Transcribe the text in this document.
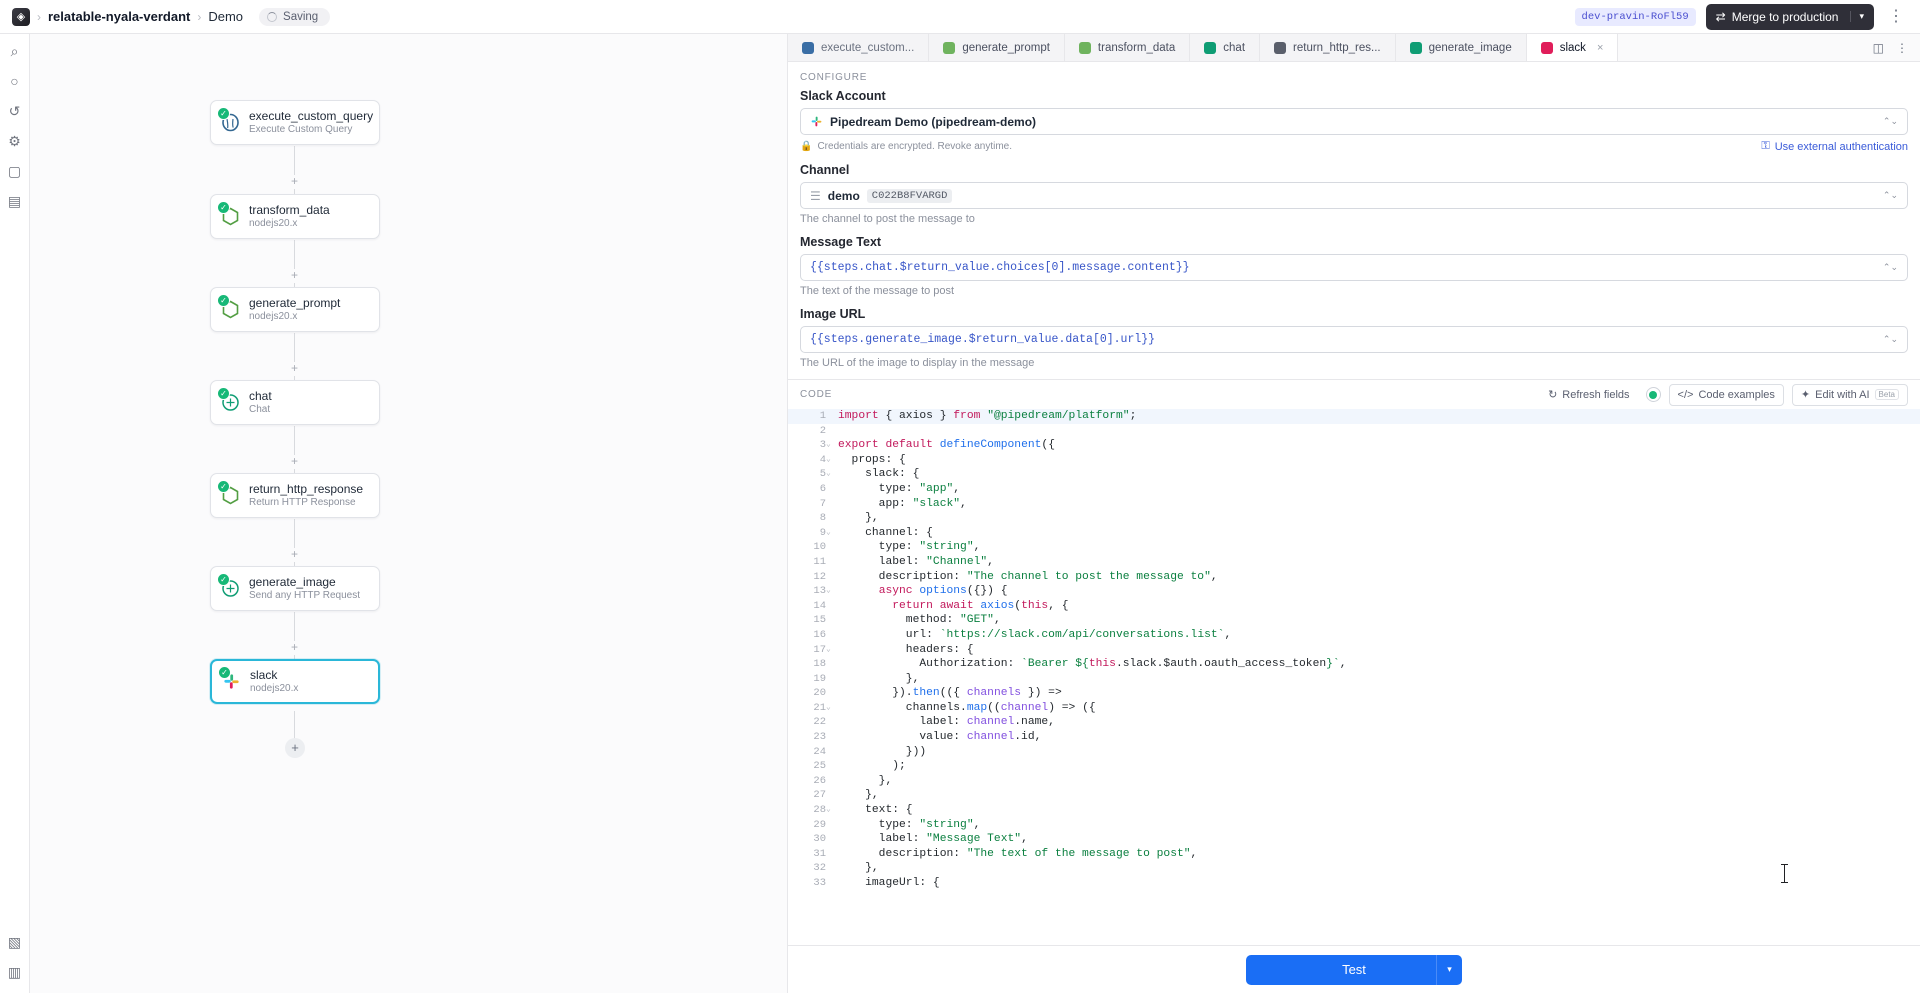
◈ › relatable-nyala-verdant › Demo	Saving	dev-pravin-RoFl59	⇄ Merge to production	▾ ⋮
⌕
○
↺
⚙
▢
▤
▧
▥
+
+
+
+
+
+
+
✓ execute_custom_query
Execute Custom Query
✓ transform_data
nodejs20.x
✓ generate_prompt
nodejs20.x
✓ chat
Chat
✓ return_http_response
Return HTTP Response
✓ generate_image
Send any HTTP Request
✓ slack
nodejs20.x
execute_custom...	generate_prompt	transform_data	chat	return_http_res...	generate_image	slack ×	◫ ⋮
CONFIGURE
Slack Account
Pipedream Demo (pipedream-demo)	⌃⌄
🔒 Credentials are encrypted. Revoke anytime.	⚿ Use external authentication
Channel
☰ demo	C022B8FVARGD	⌃⌄
The channel to post the message to
Message Text
{{steps.chat.$return_value.choices[0].message.content}}	⌃⌄
The text of the message to post
Image URL
{{steps.generate_image.$return_value.data[0].url}}	⌃⌄
The URL of the image to display in the message
CODE	↻ Refresh fields	</> Code examples ✦ Edit with AI	Beta
1		import { axios } from "@pipedream/platform";
2		
3	⌄	export default defineComponent({
4	⌄	props: {
5	⌄	slack: {
6		type: "app",
7		app: "slack",
8		},
9	⌄	channel: {
10		type: "string",
11		label: "Channel",
12		description: "The channel to post the message to",
13	⌄	async options({}) {
14		return await axios(this, {
15		method: "GET",
16		url: `https://slack.com/api/conversations.list`,
17	⌄	headers: {
18		Authorization: `Bearer ${this.slack.$auth.oauth_access_token}`,
19		},
20		}).then(({ channels }) =>
21	⌄	channels.map((channel) => ({
22		label: channel.name,
23		value: channel.id,
24		}))
25		);
26		},
27		},
28	⌄	text: {
29		type: "string",
30		label: "Message Text",
31		description: "The text of the message to post",
32		},
33		imageUrl: {
Test	▾
